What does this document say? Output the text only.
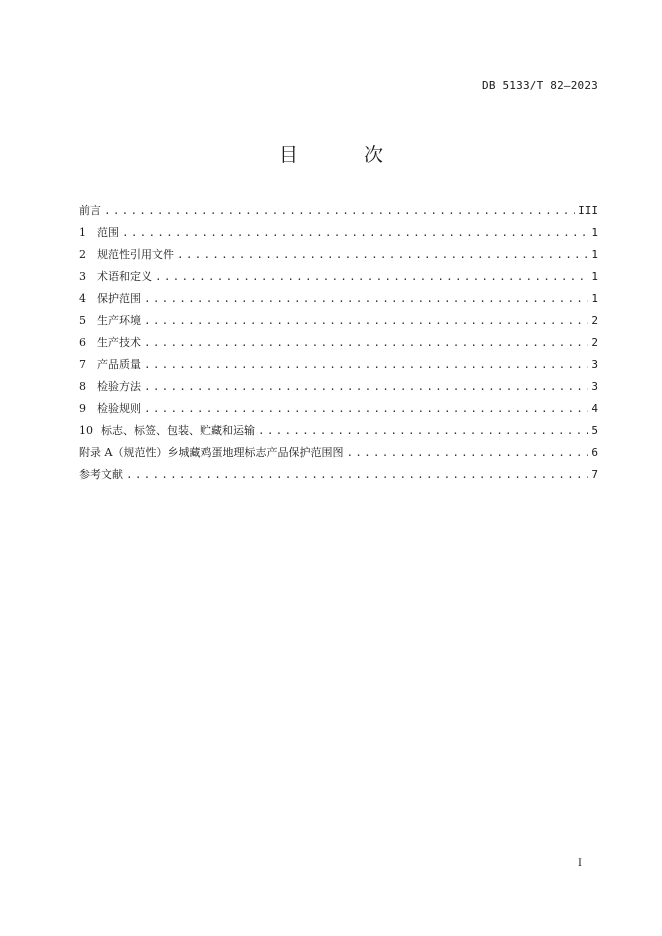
DB 5133/T 82—2023
目 次
前言 .....	III
1	范围 .....	1
2	规范性引用文件 .....	1
3	术语和定义 .....	1
4	保护范围 .....	1
5	生产环境 .....	2
6	生产技术 .....	2
7	产品质量 .....	3
8	检验方法 .....	3
9	检验规则 .....	4
10 标志、标签、包装、贮藏和运输 .....	5
附录 A（规范性）乡城藏鸡蛋地理标志产品保护范围图 .....	6
参考文献 .....	7
I
